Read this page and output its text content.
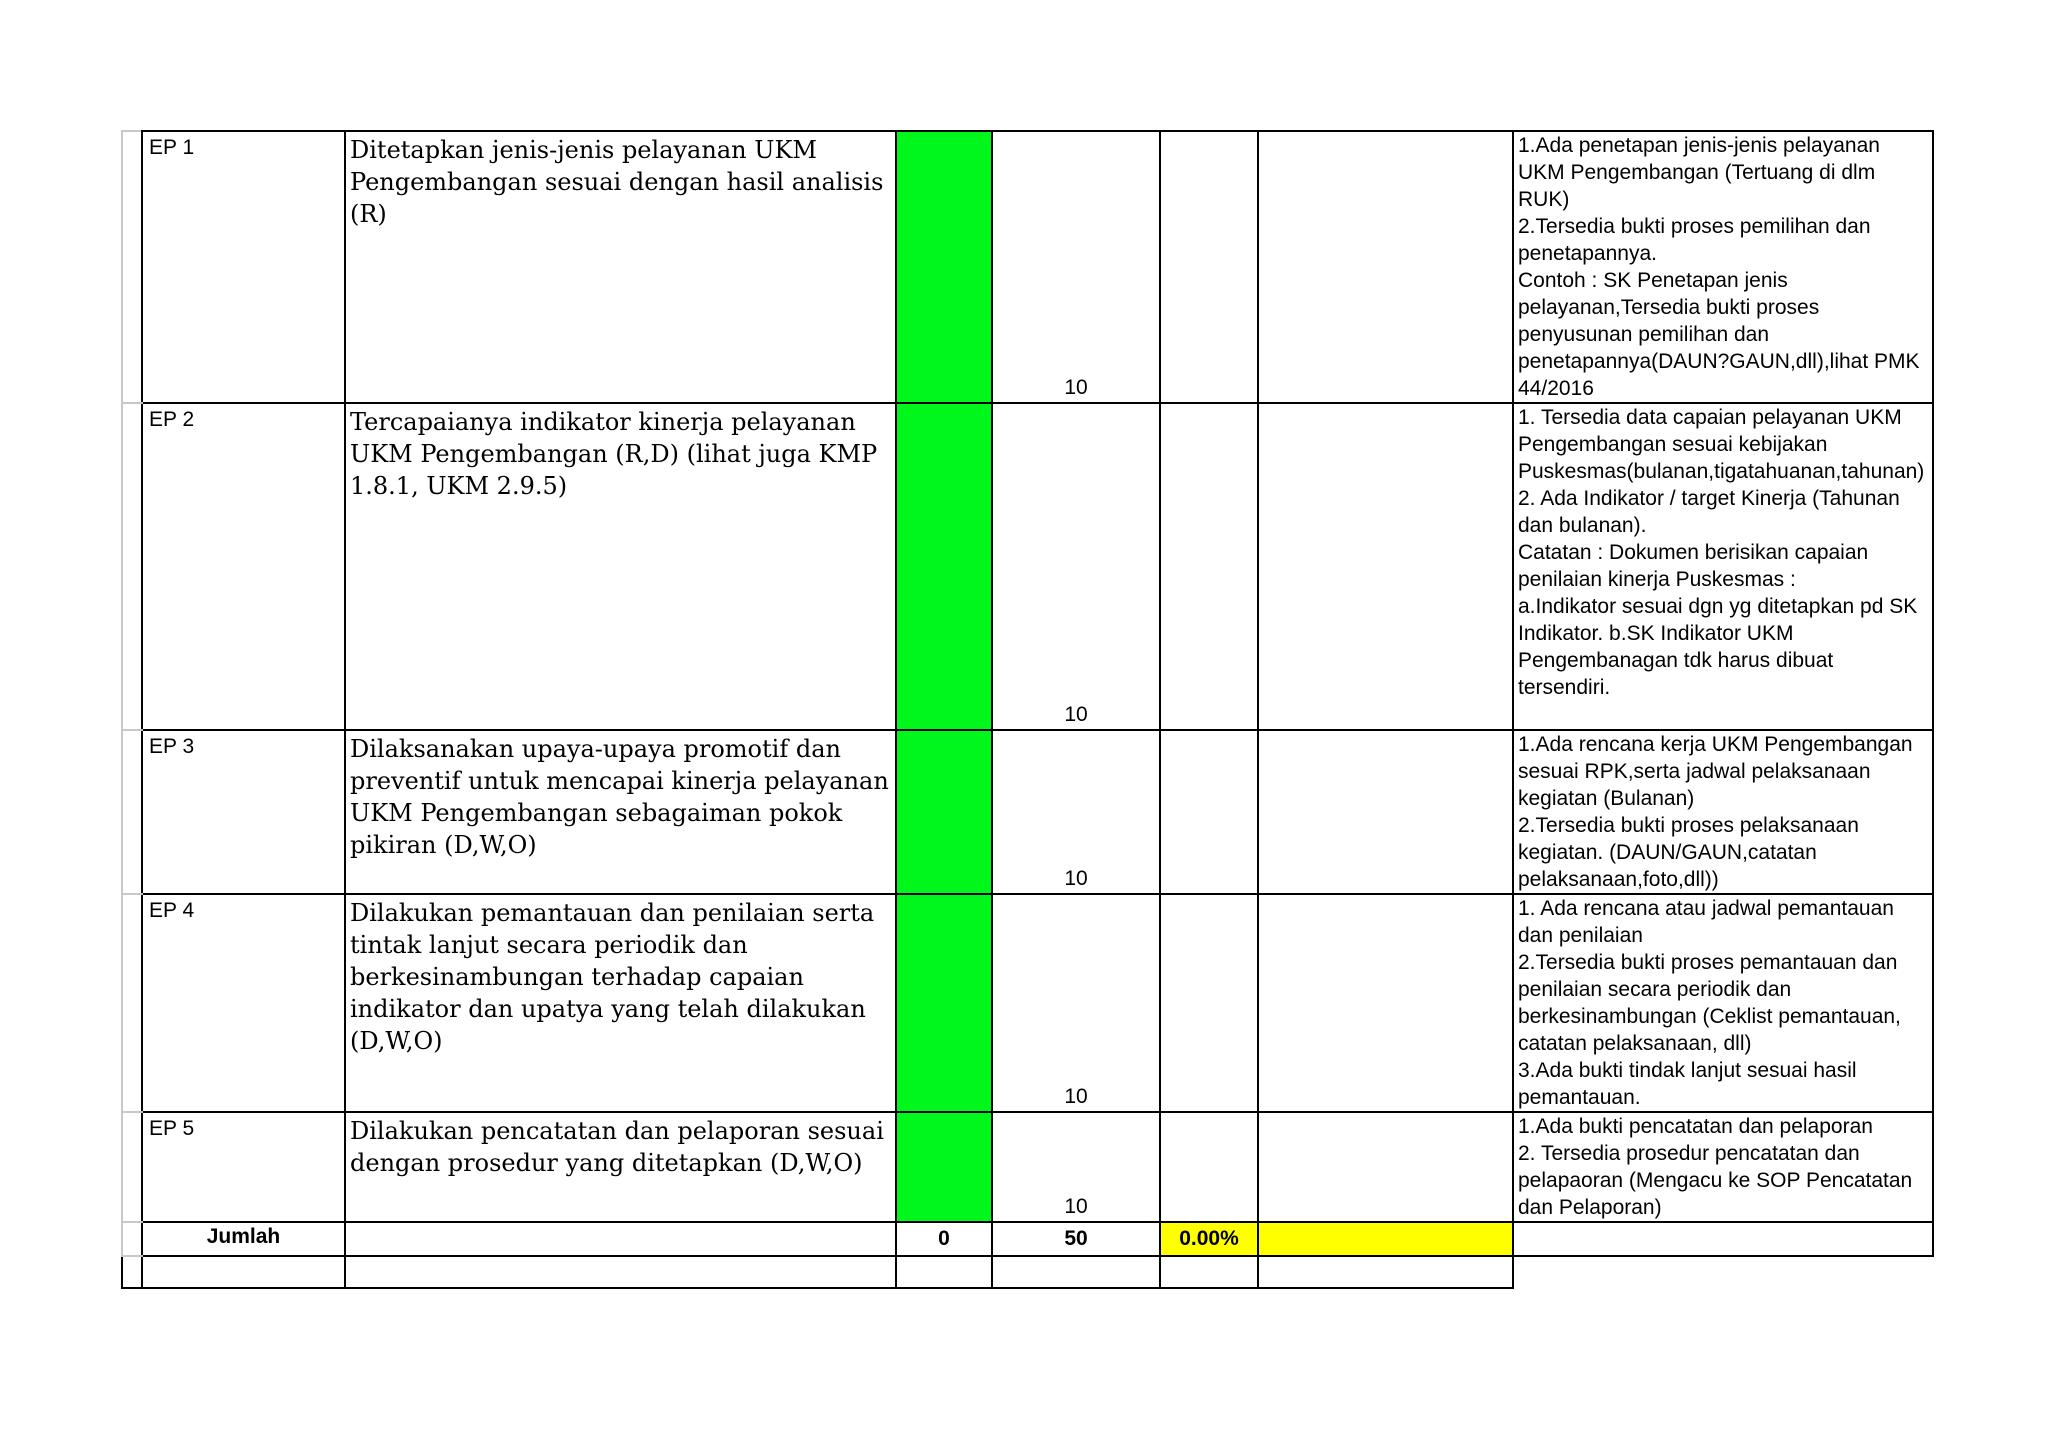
	EP 1	Ditetapkan jenis-jenis pelayanan UKM Pengembangan sesuai dengan hasil analisis (R)		10			1.Ada penetapan jenis-jenis pelayanan UKM Pengembangan (Tertuang di dlm RUK)
2.Tersedia bukti proses pemilihan dan penetapannya.
Contoh : SK Penetapan jenis pelayanan,Tersedia bukti proses penyusunan pemilihan dan penetapannya(DAUN?GAUN,dll),lihat PMK 44/2016
	EP 2	Tercapaianya indikator kinerja pelayanan UKM Pengembangan (R,D) (lihat juga KMP 1.8.1, UKM 2.9.5)		10			1. Tersedia data capaian pelayanan UKM Pengembangan sesuai kebijakan Puskesmas(bulanan,tigatahuanan,tahunan)
2. Ada Indikator / target Kinerja (Tahunan dan bulanan).
Catatan : Dokumen berisikan capaian penilaian kinerja Puskesmas :
a.Indikator sesuai dgn yg ditetapkan pd SK Indikator. b.SK Indikator UKM Pengembanagan tdk harus dibuat tersendiri.
	EP 3	Dilaksanakan upaya-upaya promotif dan preventif untuk mencapai kinerja pelayanan UKM Pengembangan sebagaiman pokok pikiran (D,W,O)		10			1.Ada rencana kerja UKM Pengembangan sesuai RPK,serta jadwal pelaksanaan kegiatan (Bulanan)
2.Tersedia bukti proses pelaksanaan kegiatan. (DAUN/GAUN,catatan pelaksanaan,foto,dll))
	EP 4	Dilakukan pemantauan dan penilaian serta tintak lanjut secara periodik dan berkesinambungan terhadap capaian indikator dan upatya yang telah dilakukan (D,W,O)		10			1. Ada rencana atau jadwal pemantauan dan penilaian
2.Tersedia bukti proses pemantauan dan penilaian secara periodik dan berkesinambungan (Ceklist pemantauan, catatan pelaksanaan, dll)
3.Ada bukti tindak lanjut sesuai hasil pemantauan.
	EP 5	Dilakukan pencatatan dan pelaporan sesuai dengan prosedur yang ditetapkan (D,W,O)		10			1.Ada bukti pencatatan dan pelaporan
2. Tersedia prosedur pencatatan dan pelapaoran (Mengacu ke SOP Pencatatan dan Pelaporan)
	Jumlah		0	50	0.00%		
